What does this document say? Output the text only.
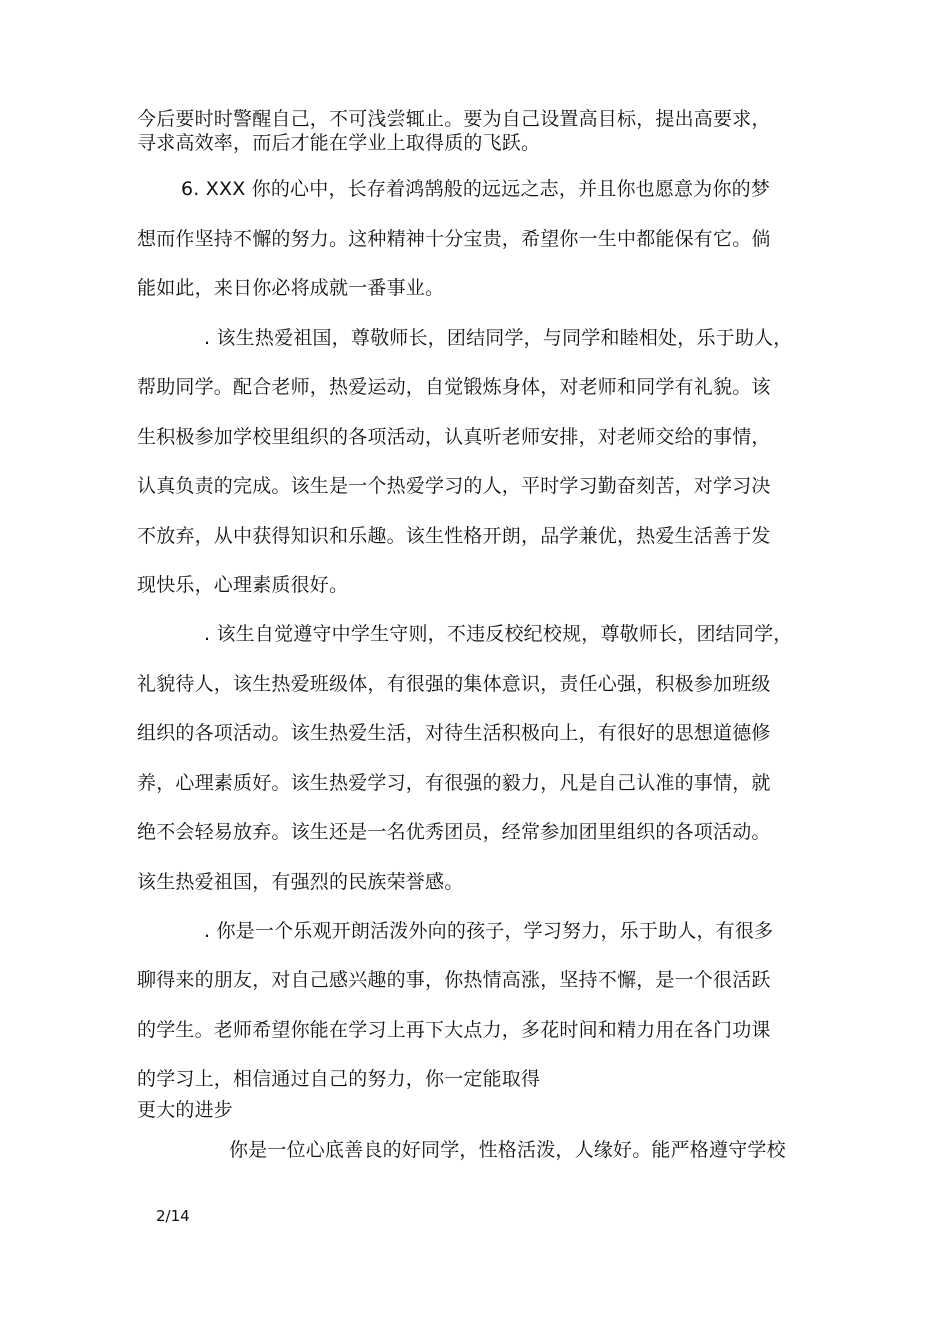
今后要时时警醒自己，不可浅尝辄止。要为自己设置高目标，提出高要求，
寻求高效率，而后才能在学业上取得质的飞跃。
6. XXX 你的心中，长存着鸿鹄般的远远之志，并且你也愿意为你的梦
想而作坚持不懈的努力。这种精神十分宝贵，希望你一生中都能保有它。倘
能如此，来日你必将成就一番事业。
. 该生热爱祖国，尊敬师长，团结同学，与同学和睦相处，乐于助人，
帮助同学。配合老师，热爱运动，自觉锻炼身体，对老师和同学有礼貌。该
生积极参加学校里组织的各项活动，认真听老师安排，对老师交给的事情，
认真负责的完成。该生是一个热爱学习的人，平时学习勤奋刻苦，对学习决
不放弃，从中获得知识和乐趣。该生性格开朗，品学兼优，热爱生活善于发
现快乐，心理素质很好。
. 该生自觉遵守中学生守则，不违反校纪校规，尊敬师长，团结同学，
礼貌待人，该生热爱班级体，有很强的集体意识，责任心强，积极参加班级
组织的各项活动。该生热爱生活，对待生活积极向上，有很好的思想道德修
养，心理素质好。该生热爱学习，有很强的毅力，凡是自己认准的事情，就
绝不会轻易放弃。该生还是一名优秀团员，经常参加团里组织的各项活动。
该生热爱祖国，有强烈的民族荣誉感。
. 你是一个乐观开朗活泼外向的孩子，学习努力，乐于助人，有很多
聊得来的朋友，对自己感兴趣的事，你热情高涨，坚持不懈，是一个很活跃
的学生。老师希望你能在学习上再下大点力，多花时间和精力用在各门功课
的学习上，相信通过自己的努力，你一定能取得
更大的进步
你是一位心底善良的好同学，性格活泼，人缘好。能严格遵守学校
2/14
